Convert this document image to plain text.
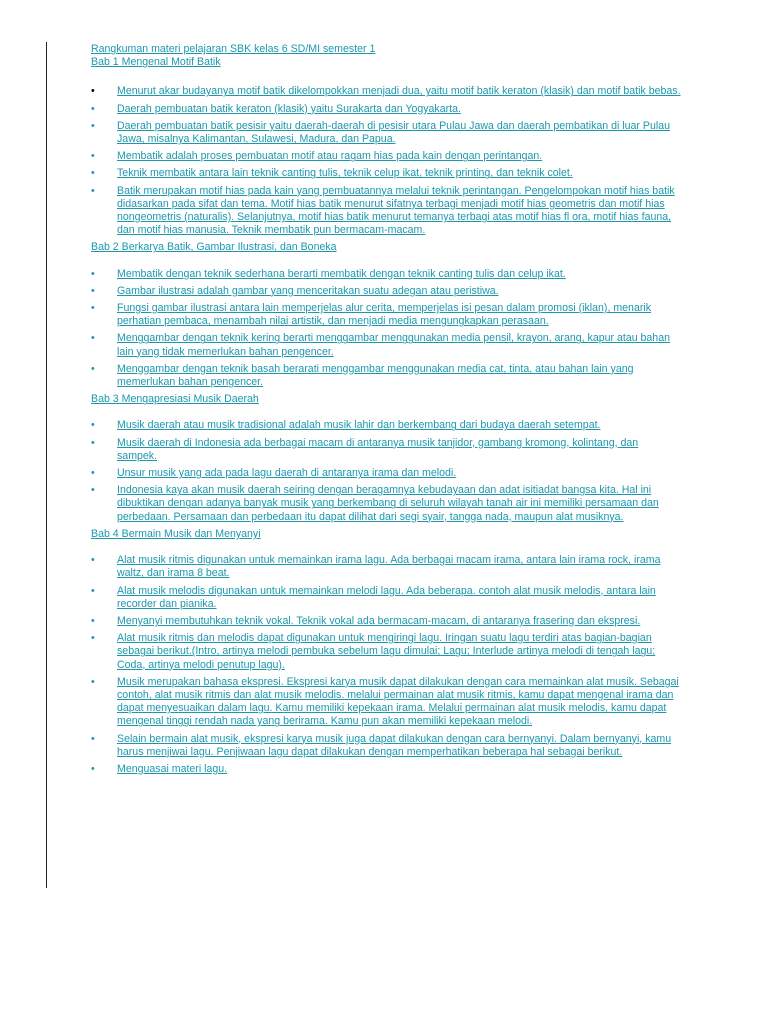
Rangkuman materi pelajaran SBK kelas 6 SD/MI semester 1
Bab 1 Mengenal Motif Batik
•	Menurut akar budayanya motif batik dikelompokkan menjadi dua, yaitu motif batik keraton (klasik) dan motif batik bebas.
•	Daerah pembuatan batik keraton (klasik) yaitu Surakarta dan Yogyakarta.
•	Daerah pembuatan batik pesisir yaitu daerah-daerah di pesisir utara Pulau Jawa dan daerah pembatikan di luar Pulau Jawa, misalnya Kalimantan, Sulawesi, Madura, dan Papua.
•	Membatik adalah proses pembuatan motif atau ragam hias pada kain dengan perintangan.
•	Teknik membatik antara lain teknik canting tulis, teknik celup ikat, teknik printing, dan teknik colet.
•	Batik merupakan motif hias pada kain yang pembuatannya melalui teknik perintangan. Pengelompokan motif hias batik didasarkan pada sifat dan tema. Motif hias batik menurut sifatnya terbagi menjadi motif hias geometris dan motif hias nongeometris (naturalis). Selanjutnya, motif hias batik menurut temanya terbagi atas motif hias fl ora, motif hias fauna, dan motif hias manusia. Teknik membatik pun bermacam-macam.
Bab 2 Berkarya Batik, Gambar Ilustrasi, dan Boneka
•	Membatik dengan teknik sederhana berarti membatik dengan teknik canting tulis dan celup ikat.
•	Gambar ilustrasi adalah gambar yang menceritakan suatu adegan atau peristiwa.
•	Fungsi gambar ilustrasi antara lain memperjelas alur cerita, memperjelas isi pesan dalam promosi (iklan), menarik perhatian pembaca, menambah nilai artistik, dan menjadi media mengungkapkan perasaan.
•	Menggambar dengan teknik kering berarti menggambar menggunakan media pensil, krayon, arang, kapur atau bahan lain yang tidak memerlukan bahan pengencer.
•	Menggambar dengan teknik basah berarati menggambar menggunakan media cat, tinta, atau bahan lain yang memerlukan bahan pengencer.
Bab 3 Mengapresiasi Musik Daerah
•	Musik daerah atau musik tradisional adalah musik lahir dan berkembang dari budaya daerah setempat.
•	Musik daerah di Indonesia ada berbagai macam di antaranya musik tanjidor, gambang kromong, kolintang, dan sampek.
•	Unsur musik yang ada pada lagu daerah di antaranya irama dan melodi.
•	Indonesia kaya akan musik daerah seiring dengan beragamnya kebudayaan dan adat isitiadat bangsa kita. Hal ini dibuktikan dengan adanya banyak musik yang berkembang di seluruh wilayah tanah air ini memiliki persamaan dan perbedaan. Persamaan dan perbedaan itu dapat dilihat dari segi syair, tangga nada, maupun alat musiknya.
Bab 4 Bermain Musik dan Menyanyi
•	Alat musik ritmis digunakan untuk memainkan irama lagu. Ada berbagai macam irama, antara lain irama rock, irama waltz, dan irama 8 beat.
•	Alat musik melodis digunakan untuk memainkan melodi lagu. Ada beberapa. contoh alat musik melodis, antara lain recorder dan pianika.
• Menyanyi membutuhkan teknik vokal. Teknik vokal ada bermacam-macam, di antaranya frasering dan ekspresi.
•	Alat musik ritmis dan melodis dapat digunakan untuk mengiringi lagu. Iringan suatu lagu terdiri atas bagian-bagian sebagai berikut.(Intro, artinya melodi pembuka sebelum lagu dimulai; Lagu; Interlude artinya melodi di tengah lagu; Coda, artinya melodi penutup lagu).
•	Musik merupakan bahasa ekspresi. Ekspresi karya musik dapat dilakukan dengan cara memainkan alat musik. Sebagai contoh, alat musik ritmis dan alat musik melodis. melalui permainan alat musik ritmis, kamu dapat mengenal irama dan dapat menyesuaikan dalam lagu. Kamu memiliki kepekaan irama. Melalui permainan alat musik melodis, kamu dapat mengenal tinggi rendah nada yang berirama. Kamu pun akan memiliki kepekaan melodi.
•	Selain bermain alat musik, ekspresi karya musik juga dapat dilakukan dengan cara bernyanyi. Dalam bernyanyi, kamu harus menjiwai lagu. Penjiwaan lagu dapat dilakukan dengan memperhatikan beberapa hal sebagai berikut.
•	Menguasai materi lagu.
